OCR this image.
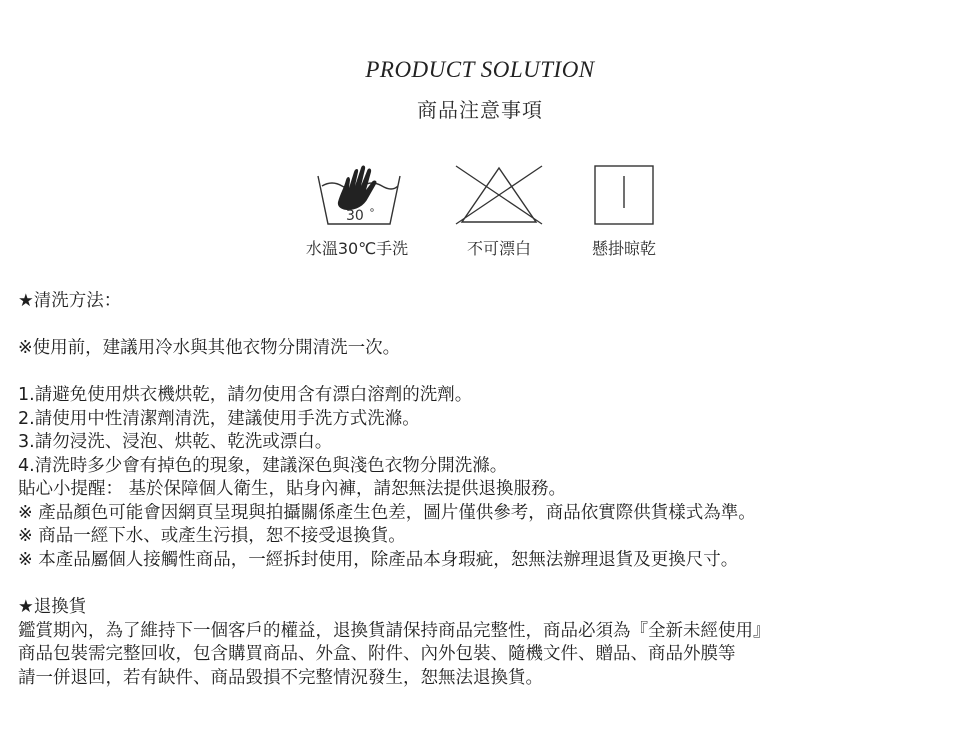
PRODUCT SOLUTION
商品注意事項
30
水溫30℃手洗	不可漂白	懸掛晾乾
★清洗方法：
※使用前，建議用冷水與其他衣物分開清洗一次。
1.請避免使用烘衣機烘乾，請勿使用含有漂白溶劑的洗劑。
2.請使用中性清潔劑清洗，建議使用手洗方式洗滌。
3.請勿浸洗、浸泡、烘乾、乾洗或漂白。
4.清洗時多少會有掉色的現象，建議深色與淺色衣物分開洗滌。
貼心小提醒： 基於保障個人衛生，貼身內褲，請恕無法提供退換服務。
※ 產品顏色可能會因網頁呈現與拍攝關係產生色差，圖片僅供參考，商品依實際供貨樣式為準。
※ 商品一經下水、或產生污損，恕不接受退換貨。
※ 本產品屬個人接觸性商品，一經拆封使用，除產品本身瑕疵，恕無法辦理退貨及更換尺寸。
★退換貨
鑑賞期內，為了維持下一個客戶的權益，退換貨請保持商品完整性，商品必須為『全新未經使用』
商品包裝需完整回收，包含購買商品、外盒、附件、內外包裝、隨機文件、贈品、商品外膜等
請一併退回，若有缺件、商品毀損不完整情況發生，恕無法退換貨。
